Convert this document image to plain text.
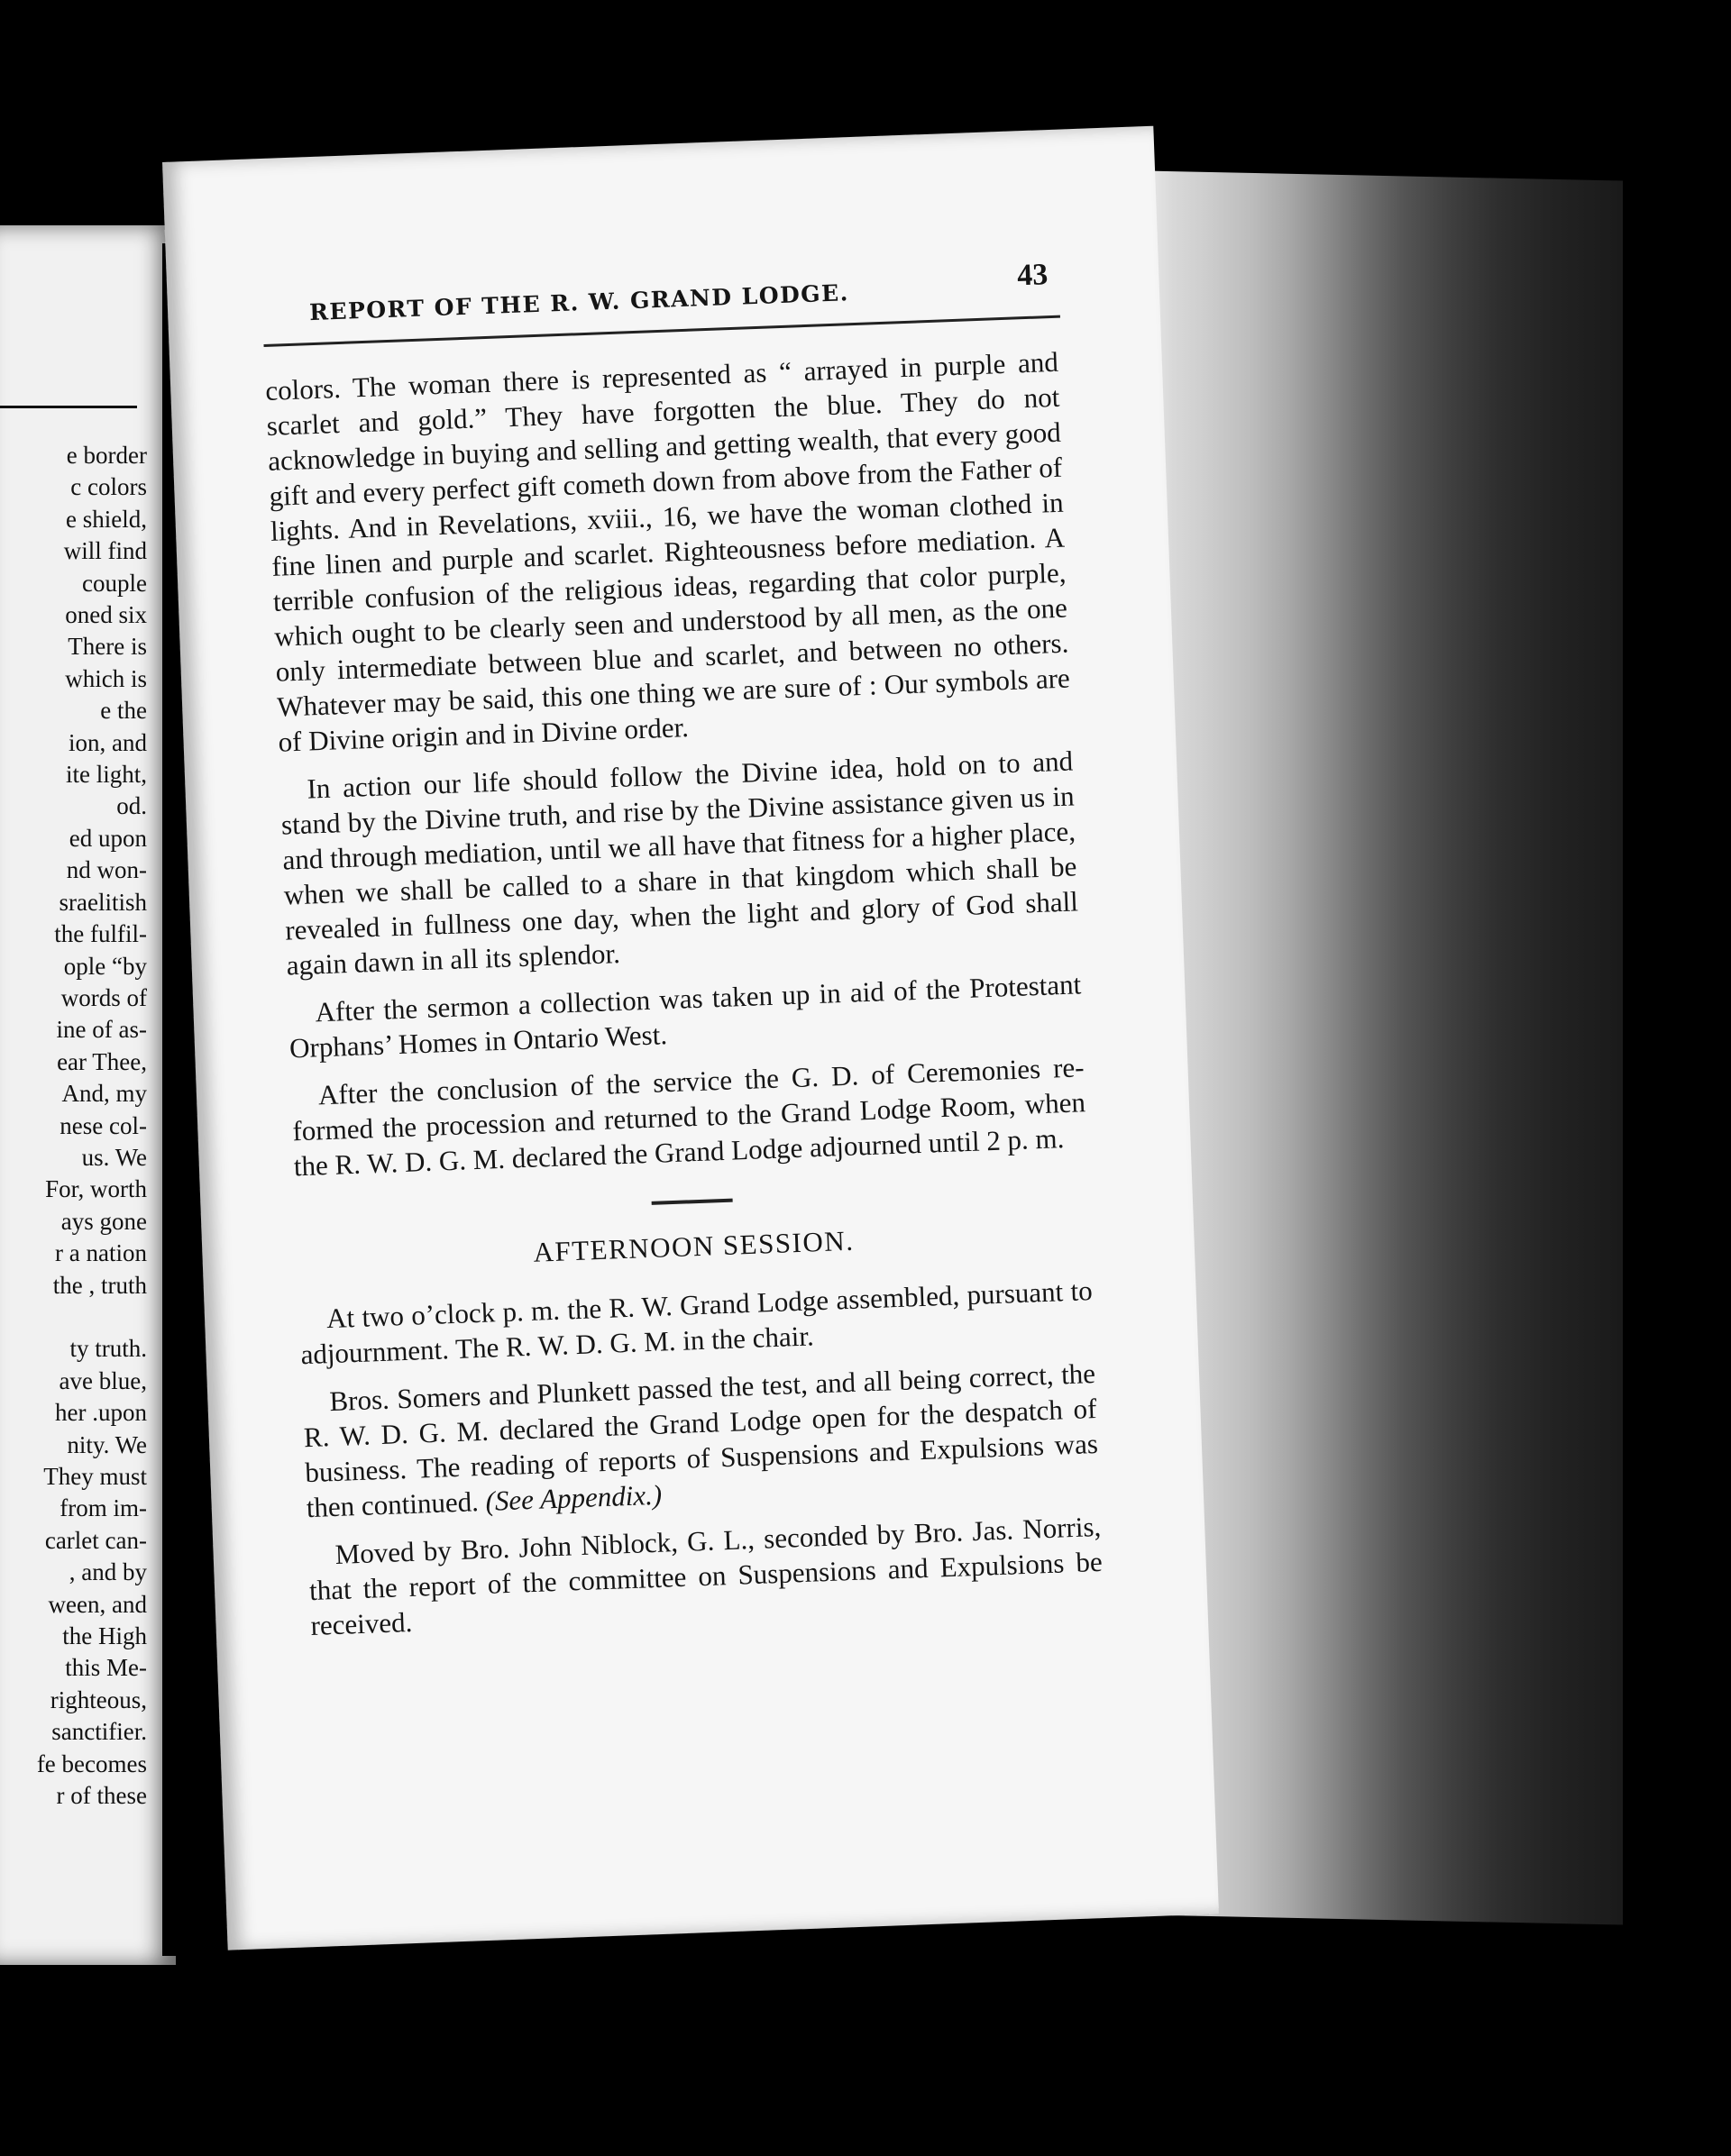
e border
c colors
e shield,
will find
couple
oned six
There is
which is
e the
ion, and
ite light,
od.
ed upon
nd won-
sraelitish
the fulfil-
ople “by
words of
ine of as-
ear Thee,
And, my
nese col-
us. We
For, worth
ays gone
r a nation
the , truth

ty truth.
ave blue,
her .upon
nity. We
They must
from im-
carlet can-
, and by
ween, and
the High
this Me-
righteous,
sanctifier.
fe becomes
r of these
REPORT OF THE R. W. GRAND LODGE.
43

colors. The woman there is represented as “ arrayed in purple and scarlet and gold.” They have forgotten the blue. They do not acknowledge in buying and selling and getting wealth, that every good gift and every perfect gift cometh down from above from the Father of lights. And in Revelations, xviii., 16, we have the woman clothed in fine linen and purple and scarlet. Righteousness before mediation. A terrible confusion of the religious ideas, regarding that color purple, which ought to be clearly seen and understood by all men, as the one only intermediate between blue and scarlet, and between no others. Whatever may be said, this one thing we are sure of : Our symbols are of Divine origin and in Divine order.

In action our life should follow the Divine idea, hold on to and stand by the Divine truth, and rise by the Divine assistance given us in and through mediation, until we all have that fitness for a higher place, when we shall be called to a share in that kingdom which shall be revealed in fullness one day, when the light and glory of God shall again dawn in all its splendor.

After the sermon a collection was taken up in aid of the Protestant Orphans’ Homes in Ontario West.

After the conclusion of the service the G. D. of Ceremonies re-formed the procession and returned to the Grand Lodge Room, when the R. W. D. G. M. declared the Grand Lodge adjourned until 2 p. m.

AFTERNOON SESSION.

At two o’clock p. m. the R. W. Grand Lodge assembled, pursuant to adjournment. The R. W. D. G. M. in the chair.

Bros. Somers and Plunkett passed the test, and all being correct, the R. W. D. G. M. declared the Grand Lodge open for the despatch of business. The reading of reports of Suspensions and Expulsions was then continued. (See Appendix.)

Moved by Bro. John Niblock, G. L., seconded by Bro. Jas. Norris, that the report of the committee on Suspensions and Expulsions be received.
